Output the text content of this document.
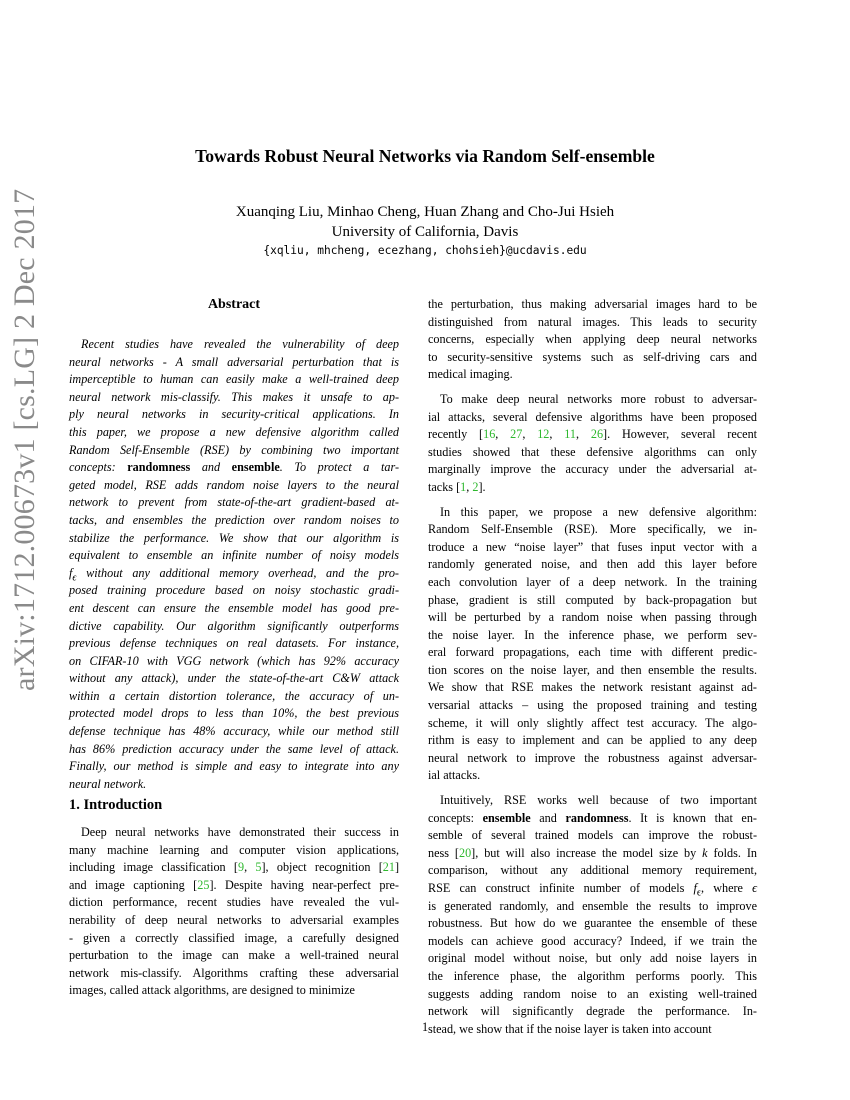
arXiv:1712.00673v1 [cs.LG] 2 Dec 2017
Towards Robust Neural Networks via Random Self-ensemble
Xuanqing Liu, Minhao Cheng, Huan Zhang and Cho-Jui Hsieh
University of California, Davis
{xqliu, mhcheng, ecezhang, chohsieh}@ucdavis.edu
Abstract
Recent studies have revealed the vulnerability of deep
neural networks - A small adversarial perturbation that is
imperceptible to human can easily make a well-trained deep
neural network mis-classify. This makes it unsafe to ap-
ply neural networks in security-critical applications. In
this paper, we propose a new defensive algorithm called
Random Self-Ensemble (RSE) by combining two important
concepts: randomness and ensemble. To protect a tar-
geted model, RSE adds random noise layers to the neural
network to prevent from state-of-the-art gradient-based at-
tacks, and ensembles the prediction over random noises to
stabilize the performance. We show that our algorithm is
equivalent to ensemble an infinite number of noisy models
$f_\epsilon$ without any additional memory overhead, and the pro-
posed training procedure based on noisy stochastic gradi-
ent descent can ensure the ensemble model has good pre-
dictive capability. Our algorithm significantly outperforms
previous defense techniques on real datasets. For instance,
on CIFAR-10 with VGG network (which has 92% accuracy
without any attack), under the state-of-the-art C&W attack
within a certain distortion tolerance, the accuracy of un-
protected model drops to less than 10%, the best previous
defense technique has 48% accuracy, while our method still
has 86% prediction accuracy under the same level of attack.
Finally, our method is simple and easy to integrate into any
neural network.
1. Introduction
Deep neural networks have demonstrated their success in
many machine learning and computer vision applications,
including image classification [9, 5], object recognition [21]
and image captioning [25]. Despite having near-perfect pre-
diction performance, recent studies have revealed the vul-
nerability of deep neural networks to adversarial examples
- given a correctly classified image, a carefully designed
perturbation to the image can make a well-trained neural
network mis-classify. Algorithms crafting these adversarial
images, called attack algorithms, are designed to minimize
the perturbation, thus making adversarial images hard to be
distinguished from natural images. This leads to security
concerns, especially when applying deep neural networks
to security-sensitive systems such as self-driving cars and
medical imaging.
To make deep neural networks more robust to adversar-
ial attacks, several defensive algorithms have been proposed
recently [16, 27, 12, 11, 26]. However, several recent
studies showed that these defensive algorithms can only
marginally improve the accuracy under the adversarial at-
tacks [1, 2].
In this paper, we propose a new defensive algorithm:
Random Self-Ensemble (RSE). More specifically, we in-
troduce a new “noise layer” that fuses input vector with a
randomly generated noise, and then add this layer before
each convolution layer of a deep network. In the training
phase, gradient is still computed by back-propagation but
will be perturbed by a random noise when passing through
the noise layer. In the inference phase, we perform sev-
eral forward propagations, each time with different predic-
tion scores on the noise layer, and then ensemble the results.
We show that RSE makes the network resistant against ad-
versarial attacks – using the proposed training and testing
scheme, it will only slightly affect test accuracy. The algo-
rithm is easy to implement and can be applied to any deep
neural network to improve the robustness against adversar-
ial attacks.
Intuitively, RSE works well because of two important
concepts: ensemble and randomness. It is known that en-
semble of several trained models can improve the robust-
ness [20], but will also increase the model size by k folds. In
comparison, without any additional memory requirement,
RSE can construct infinite number of models $f_\epsilon$, where ϵ
is generated randomly, and ensemble the results to improve
robustness. But how do we guarantee the ensemble of these
models can achieve good accuracy? Indeed, if we train the
original model without noise, but only add noise layers in
the inference phase, the algorithm performs poorly. This
suggests adding random noise to an existing well-trained
network will significantly degrade the performance. In-
stead, we show that if the noise layer is taken into account
1
